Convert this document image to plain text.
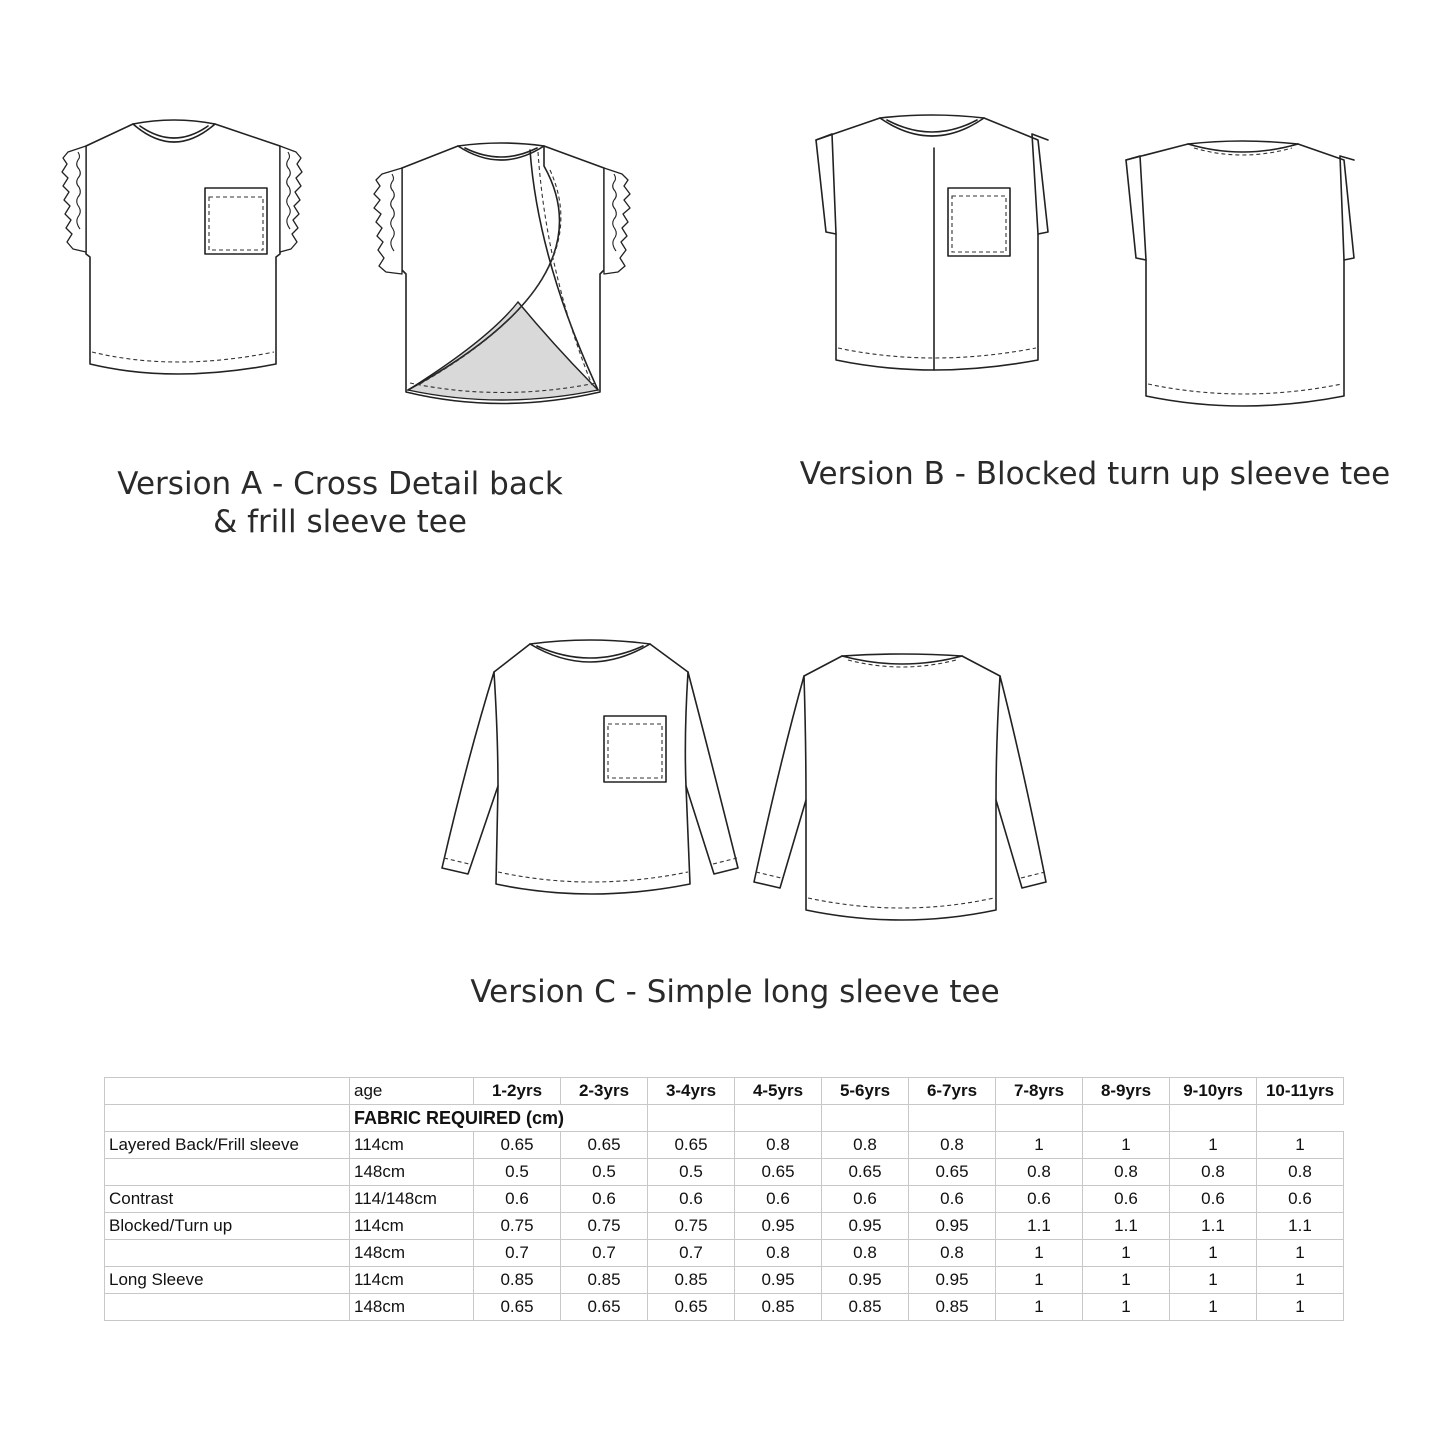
Version A - Cross Detail back
& frill sleeve tee
Version B - Blocked turn up sleeve tee
Version C - Simple long sleeve tee
	age	1-2yrs	2-3yrs	3-4yrs	4-5yrs	5-6yrs	6-7yrs	7-8yrs	8-9yrs	9-10yrs	10-11yrs
	FABRIC REQUIRED (cm)										
Layered Back/Frill sleeve	114cm	0.65	0.65	0.65	0.8	0.8	0.8	1	1	1	1
	148cm	0.5	0.5	0.5	0.65	0.65	0.65	0.8	0.8	0.8	0.8
Contrast	114/148cm	0.6	0.6	0.6	0.6	0.6	0.6	0.6	0.6	0.6	0.6
Blocked/Turn up	114cm	0.75	0.75	0.75	0.95	0.95	0.95	1.1	1.1	1.1	1.1
	148cm	0.7	0.7	0.7	0.8	0.8	0.8	1	1	1	1
Long Sleeve	114cm	0.85	0.85	0.85	0.95	0.95	0.95	1	1	1	1
	148cm	0.65	0.65	0.65	0.85	0.85	0.85	1	1	1	1
